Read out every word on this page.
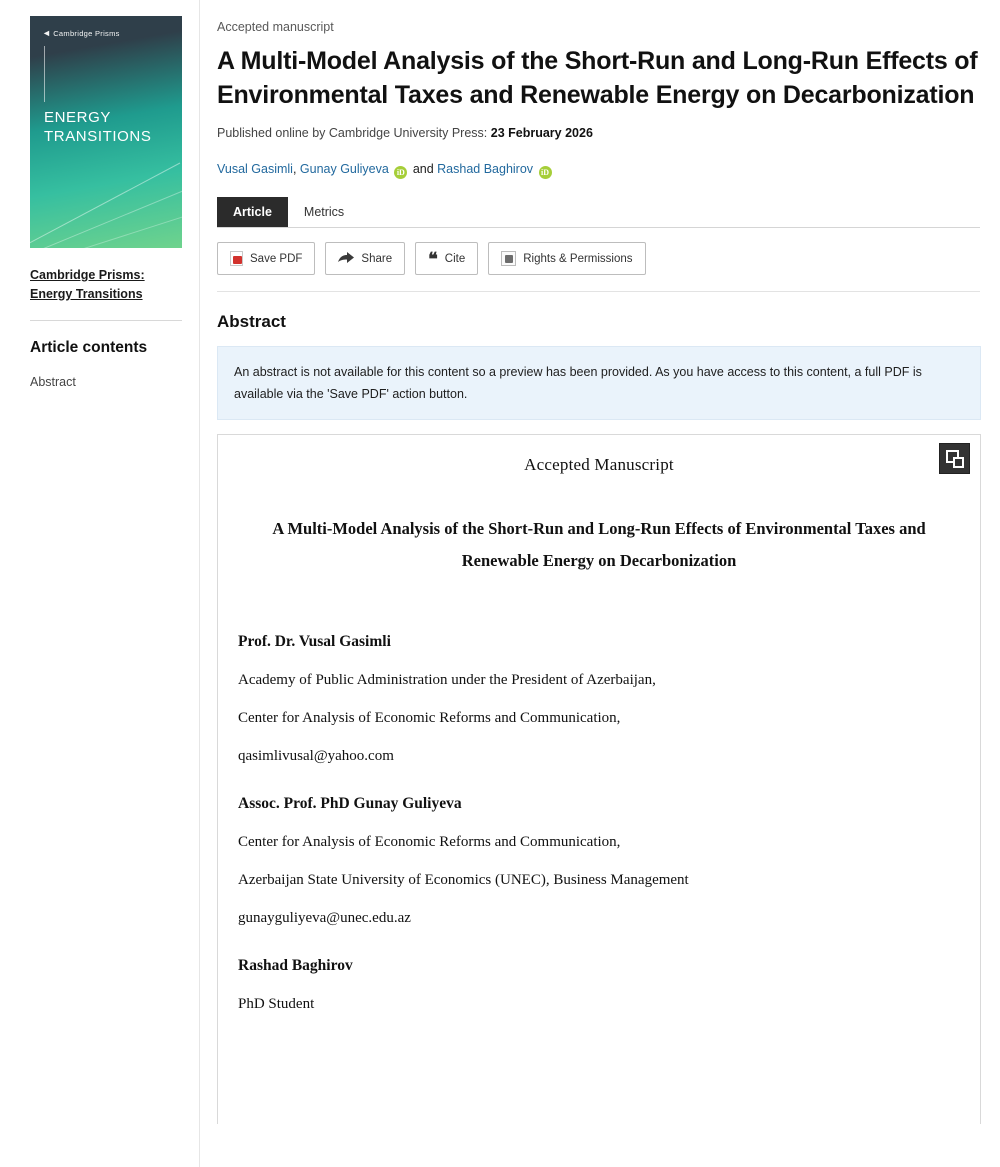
◄ Cambridge Prisms
ENERGY
TRANSITIONS
Cambridge Prisms:
Energy Transitions
Article contents
Abstract
Accepted manuscript
A Multi-Model Analysis of the Short-Run and Long-Run Effects of Environmental Taxes and Renewable Energy on Decarbonization
Published online by Cambridge University Press: 23 February 2026
Vusal Gasimli, Gunay Guliyeva iD and Rashad Baghirov iD
Article	Metrics
Save PDF	Share ❝ Cite	Rights & Permissions
Abstract
An abstract is not available for this content so a preview has been provided. As you have access to this content, a full PDF is available via the 'Save PDF' action button.
Accepted Manuscript
A Multi-Model Analysis of the Short-Run and Long-Run Effects of Environmental Taxes and Renewable Energy on Decarbonization
Prof. Dr. Vusal Gasimli
Academy of Public Administration under the President of Azerbaijan,
Center for Analysis of Economic Reforms and Communication,
qasimlivusal@yahoo.com
Assoc. Prof. PhD Gunay Guliyeva
Center for Analysis of Economic Reforms and Communication,
Azerbaijan State University of Economics (UNEC), Business Management
gunayguliyeva@unec.edu.az
Rashad Baghirov
PhD Student
